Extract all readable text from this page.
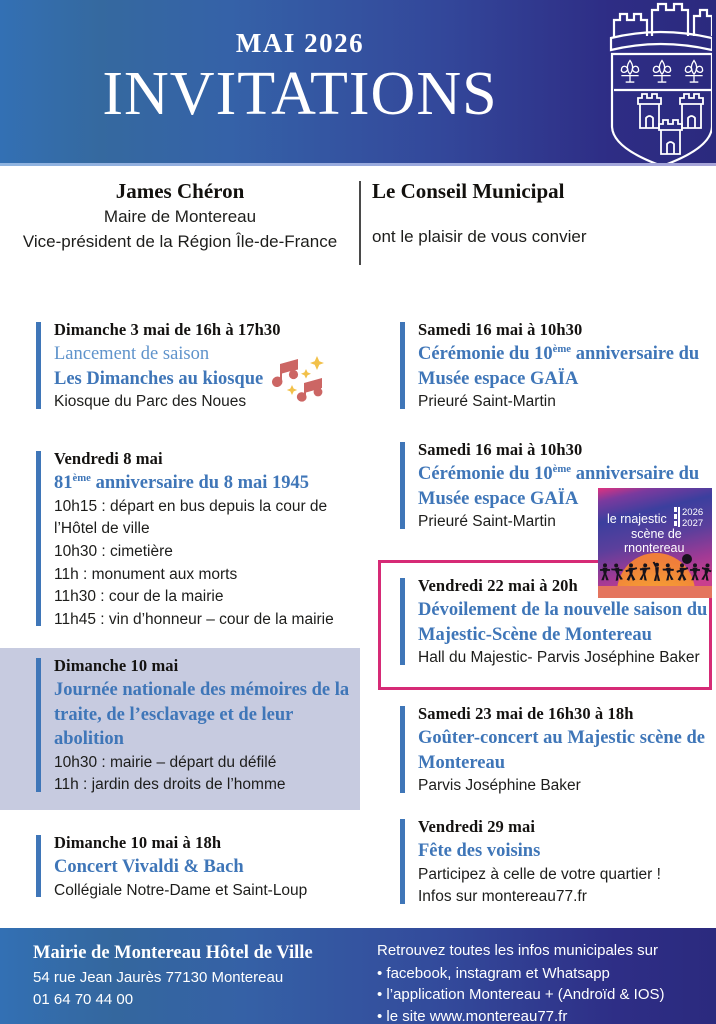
MAI 2026
INVITATIONS
James Chéron
Maire de Montereau
Vice-président de la Région Île-de-France
Le Conseil Municipal
ont le plaisir de vous convier
Dimanche 3 mai de 16h à 17h30
Lancement de saison
Les Dimanches au kiosque
Kiosque du Parc des Noues
Vendredi 8 mai
81ème anniversaire du 8 mai 1945
10h15 : départ en bus depuis la cour de
l’Hôtel de ville
10h30 : cimetière
11h : monument aux morts
11h30 : cour de la mairie
11h45 : vin d’honneur – cour de la mairie
Dimanche 10 mai
Journée nationale des mémoires de la traite, de l’esclavage et de leur abolition
10h30 : mairie – départ du défilé
11h : jardin des droits de l’homme
Dimanche 10 mai à 18h
Concert Vivaldi & Bach
Collégiale Notre-Dame et Saint-Loup
Samedi 16 mai à 10h30
Cérémonie du 10ème anniversaire du Musée espace GAÏA
Prieuré Saint-Martin
Samedi 16 mai à 10h30
Cérémonie du 10ème anniversaire du Musée espace GAÏA
Prieuré Saint-Martin
Vendredi 22 mai à 20h
Dévoilement de la nouvelle saison du Majestic-Scène de Montereau
Hall du Majestic- Parvis Joséphine Baker
Samedi 23 mai de 16h30 à 18h
Goûter-concert au Majestic scène de Montereau
Parvis Joséphine Baker
Vendredi 29 mai
Fête des voisins
Participez à celle de votre quartier !
Infos sur montereau77.fr
le rnajestic
scène de
rnontereau
2026
2027
Mairie de Montereau Hôtel de Ville
54 rue Jean Jaurès 77130 Montereau
01 64 70 44 00
Retrouvez toutes les infos municipales sur
• facebook, instagram et Whatsapp
• l’application Montereau + (Androïd & IOS)
• le site www.montereau77.fr
